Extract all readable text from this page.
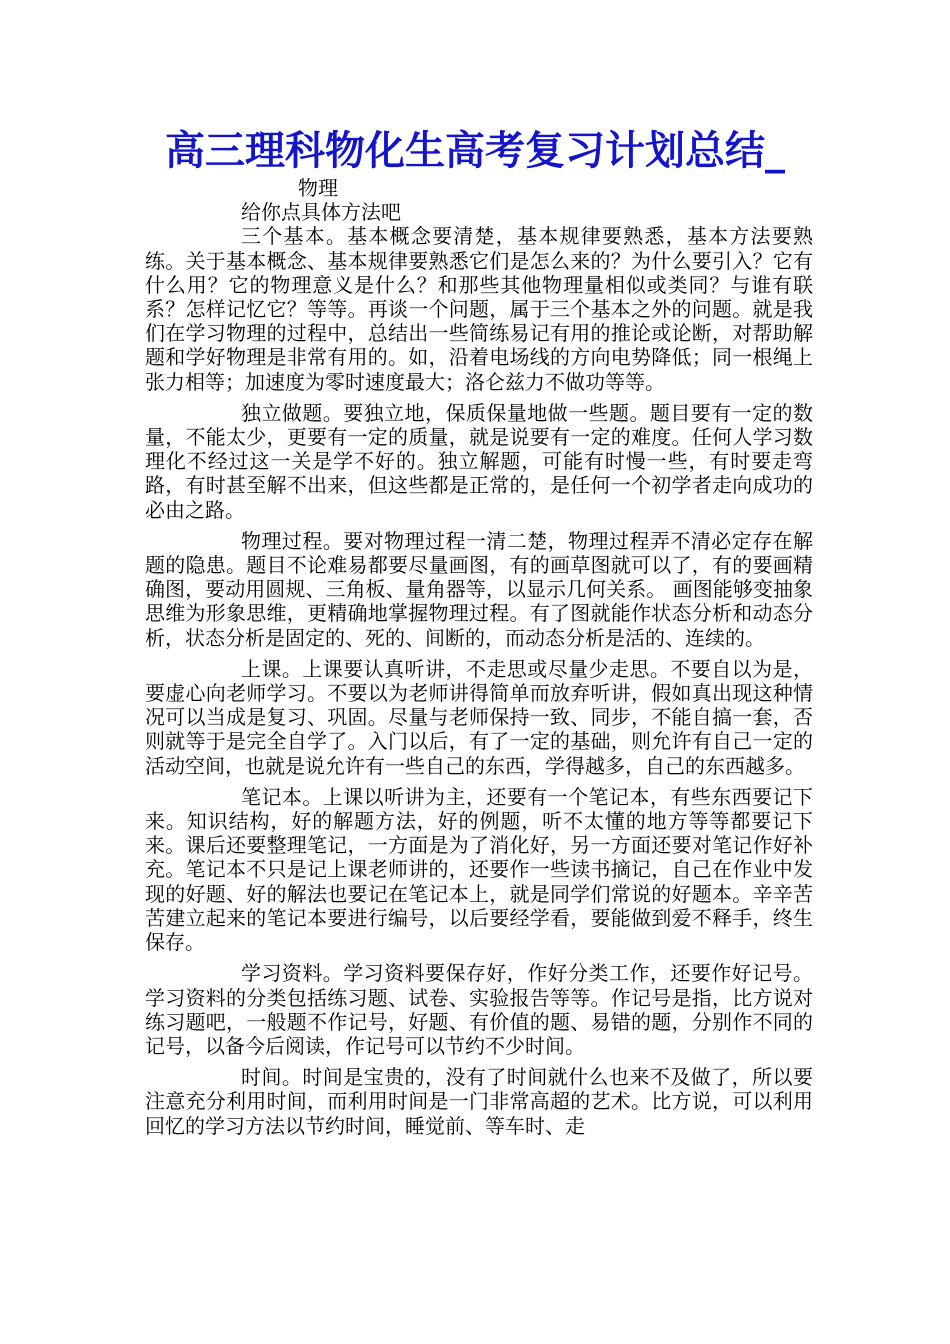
高三理科物化生高考复习计划总结_

物理

给你点具体方法吧

三个基本。基本概念要清楚，基本规律要熟悉，基本方法要熟练。关于基本概念、基本规律要熟悉它们是怎么来的？为什么要引入？它有什么用？它的物理意义是什么？和那些其他物理量相似或类同？与谁有联系？怎样记忆它？等等。再谈一个问题，属于三个基本之外的问题。就是我们在学习物理的过程中，总结出一些简练易记有用的推论或论断，对帮助解题和学好物理是非常有用的。如，沿着电场线的方向电势降低；同一根绳上张力相等；加速度为零时速度最大；洛仑兹力不做功等等。

独立做题。要独立地，保质保量地做一些题。题目要有一定的数量，不能太少，更要有一定的质量，就是说要有一定的难度。任何人学习数理化不经过这一关是学不好的。独立解题，可能有时慢一些，有时要走弯路，有时甚至解不出来，但这些都是正常的，是任何一个初学者走向成功的必由之路。

物理过程。要对物理过程一清二楚，物理过程弄不清必定存在解题的隐患。题目不论难易都要尽量画图，有的画草图就可以了，有的要画精确图，要动用圆规、三角板、量角器等，以显示几何关系。 画图能够变抽象思维为形象思维，更精确地掌握物理过程。有了图就能作状态分析和动态分析，状态分析是固定的、死的、间断的，而动态分析是活的、连续的。

上课。上课要认真听讲，不走思或尽量少走思。不要自以为是，要虚心向老师学习。不要以为老师讲得简单而放弃听讲，假如真出现这种情况可以当成是复习、巩固。尽量与老师保持一致、同步，不能自搞一套，否则就等于是完全自学了。入门以后，有了一定的基础，则允许有自己一定的活动空间，也就是说允许有一些自己的东西，学得越多，自己的东西越多。

笔记本。上课以听讲为主，还要有一个笔记本，有些东西要记下来。知识结构，好的解题方法，好的例题，听不太懂的地方等等都要记下来。课后还要整理笔记，一方面是为了消化好，另一方面还要对笔记作好补充。笔记本不只是记上课老师讲的，还要作一些读书摘记，自己在作业中发现的好题、好的解法也要记在笔记本上，就是同学们常说的好题本。辛辛苦苦建立起来的笔记本要进行编号，以后要经学看，要能做到爱不释手，终生保存。

学习资料。学习资料要保存好，作好分类工作，还要作好记号。学习资料的分类包括练习题、试卷、实验报告等等。作记号是指，比方说对练习题吧，一般题不作记号，好题、有价值的题、易错的题，分别作不同的记号，以备今后阅读，作记号可以节约不少时间。

时间。时间是宝贵的，没有了时间就什么也来不及做了，所以要注意充分利用时间，而利用时间是一门非常高超的艺术。比方说，可以利用回忆的学习方法以节约时间，睡觉前、等车时、走
